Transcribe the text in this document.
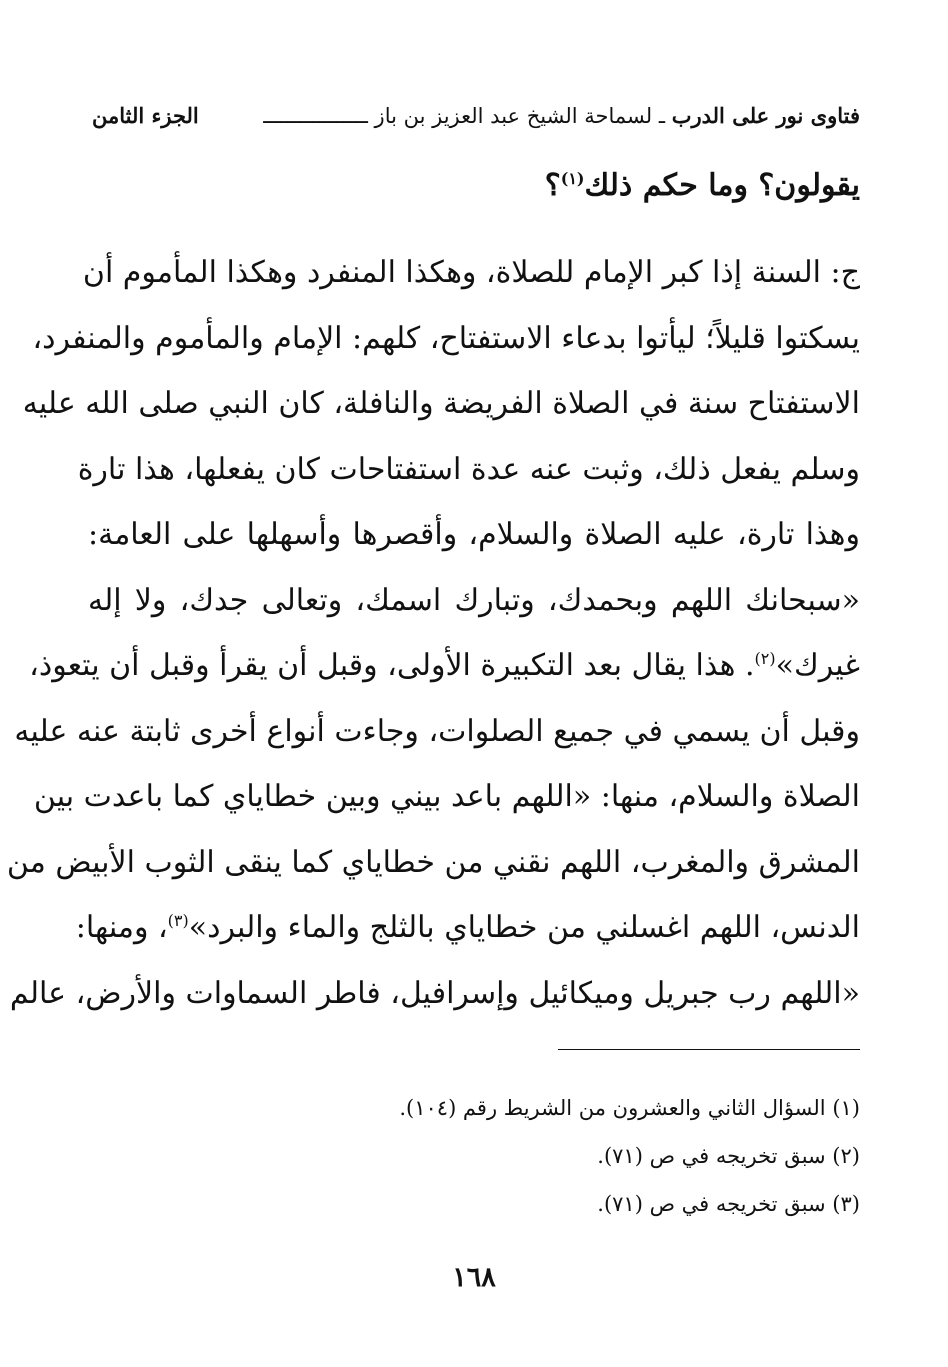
فتاوى نور على الدرب ـ لسماحة الشيخ عبد العزيز بن باز ـــــــــــــــــ
الجزء الثامن
يقولون؟ وما حكم ذلك$^{(١)}$؟
ج: السنة إذا كبر الإمام للصلاة، وهكذا المنفرد وهكذا المأموم أن
يسكتوا قليلاً؛ ليأتوا بدعاء الاستفتاح، كلهم: الإمام والمأموم والمنفرد،
الاستفتاح سنة في الصلاة الفريضة والنافلة، كان النبي صلى الله عليه
وسلم يفعل ذلك، وثبت عنه عدة استفتاحات كان يفعلها، هذا تارة
وهذا تارة، عليه الصلاة والسلام، وأقصرها وأسهلها على العامة:
«سبحانك اللهم وبحمدك، وتبارك اسمك، وتعالى جدك، ولا إله
غيرك»$^{(٢)}$. هذا يقال بعد التكبيرة الأولى، وقبل أن يقرأ وقبل أن يتعوذ،
وقبل أن يسمي في جميع الصلوات، وجاءت أنواع أخرى ثابتة عنه عليه
الصلاة والسلام، منها: «اللهم باعد بيني وبين خطاياي كما باعدت بين
المشرق والمغرب، اللهم نقني من خطاياي كما ينقى الثوب الأبيض من
الدنس، اللهم اغسلني من خطاياي بالثلج والماء والبرد»$^{(٣)}$، ومنها:
«اللهم رب جبريل وميكائيل وإسرافيل، فاطر السماوات والأرض، عالم
(١) السؤال الثاني والعشرون من الشريط رقم (١٠٤).
(٢) سبق تخريجه في ص (٧١).
(٣) سبق تخريجه في ص (٧١).
١٦٨
